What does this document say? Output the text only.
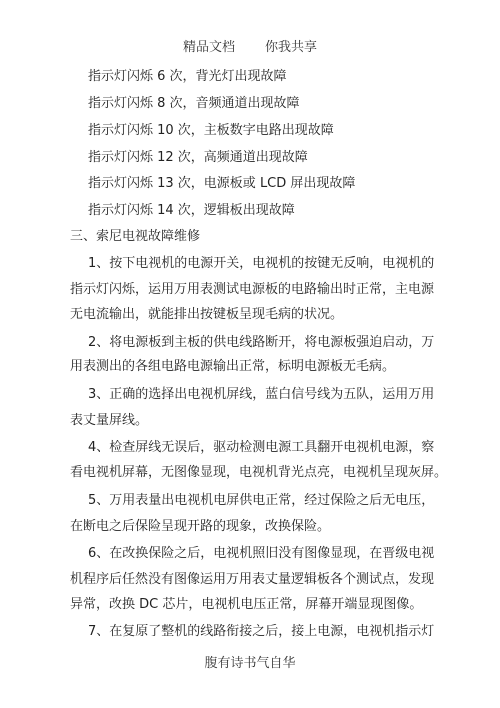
精品文档 你我共享
指示灯闪烁 6 次，背光灯出现故障
指示灯闪烁 8 次，音频通道出现故障
指示灯闪烁 10 次，主板数字电路出现故障
指示灯闪烁 12 次，高频通道出现故障
指示灯闪烁 13 次，电源板或 LCD 屏出现故障
指示灯闪烁 14 次，逻辑板出现故障
三、索尼电视故障维修
1、按下电视机的电源开关，电视机的按键无反响，电视机的
指示灯闪烁，运用万用表测试电源板的电路输出时正常，主电源
无电流输出，就能排出按键板呈现毛病的状况。
2、将电源板到主板的供电线路断开，将电源板强迫启动，万
用表测出的各组电路电源输出正常，标明电源板无毛病。
3、正确的选择出电视机屏线，蓝白信号线为五队，运用万用
表丈量屏线。
4、检查屏线无误后，驱动检测电源工具翻开电视机电源，察
看电视机屏幕，无图像显现，电视机背光点亮，电视机呈现灰屏。
5、万用表量出电视机电屏供电正常，经过保险之后无电压，
在断电之后保险呈现开路的现象，改换保险。
6、在改换保险之后，电视机照旧没有图像显现，在晋级电视
机程序后任然没有图像运用万用表丈量逻辑板各个测试点，发现
异常，改换 DC 芯片，电视机电压正常，屏幕开端显现图像。
7、在复原了整机的线路衔接之后，接上电源，电视机指示灯
腹有诗书气自华
